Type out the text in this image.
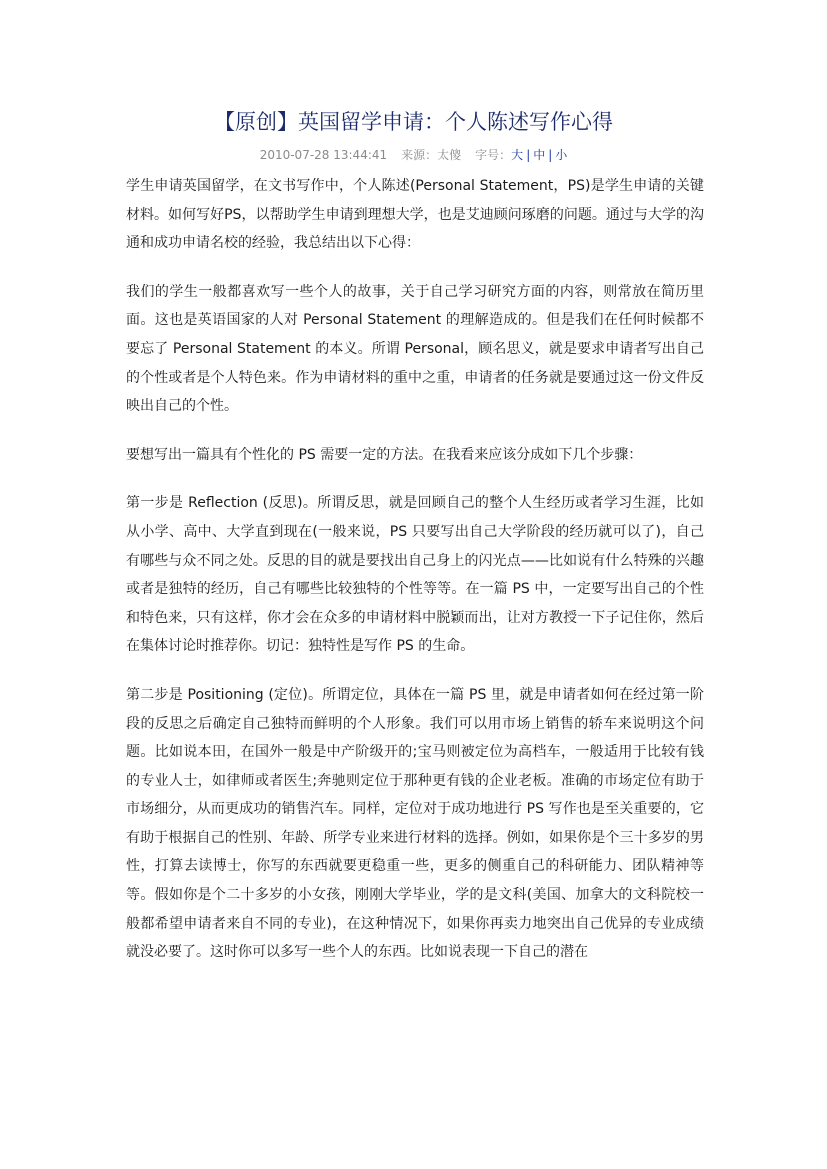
【原创】英国留学申请：个人陈述写作心得
2010-07-28 13:44:41 来源：太傻 字号：大 | 中 | 小

学生申请英国留学，在文书写作中，个人陈述(Personal Statement，PS)是学生申请的关键材料。如何写好PS，以帮助学生申请到理想大学，也是艾迪顾问琢磨的问题。通过与大学的沟通和成功申请名校的经验，我总结出以下心得：

我们的学生一般都喜欢写一些个人的故事，关于自己学习研究方面的内容，则常放在简历里面。这也是英语国家的人对 Personal Statement 的理解造成的。但是我们在任何时候都不要忘了 Personal Statement 的本义。所谓 Personal，顾名思义，就是要求申请者写出自己的个性或者是个人特色来。作为申请材料的重中之重，申请者的任务就是要通过这一份文件反映出自己的个性。

要想写出一篇具有个性化的 PS 需要一定的方法。在我看来应该分成如下几个步骤：

第一步是 Reflection (反思)。所谓反思，就是回顾自己的整个人生经历或者学习生涯，比如从小学、高中、大学直到现在(一般来说，PS 只要写出自己大学阶段的经历就可以了)，自己有哪些与众不同之处。反思的目的就是要找出自己身上的闪光点——比如说有什么特殊的兴趣或者是独特的经历，自己有哪些比较独特的个性等等。在一篇 PS 中，一定要写出自己的个性和特色来，只有这样，你才会在众多的申请材料中脱颖而出，让对方教授一下子记住你，然后在集体讨论时推荐你。切记：独特性是写作 PS 的生命。

第二步是 Positioning (定位)。所谓定位，具体在一篇 PS 里，就是申请者如何在经过第一阶段的反思之后确定自己独特而鲜明的个人形象。我们可以用市场上销售的轿车来说明这个问题。比如说本田，在国外一般是中产阶级开的;宝马则被定位为高档车，一般适用于比较有钱的专业人士，如律师或者医生;奔驰则定位于那种更有钱的企业老板。准确的市场定位有助于市场细分，从而更成功的销售汽车。同样，定位对于成功地进行 PS 写作也是至关重要的，它有助于根据自己的性别、年龄、所学专业来进行材料的选择。例如，如果你是个三十多岁的男性，打算去读博士，你写的东西就要更稳重一些，更多的侧重自己的科研能力、团队精神等等。假如你是个二十多岁的小女孩，刚刚大学毕业，学的是文科(美国、加拿大的文科院校一般都希望申请者来自不同的专业)，在这种情况下，如果你再卖力地突出自己优异的专业成绩就没必要了。这时你可以多写一些个人的东西。比如说表现一下自己的潜在
